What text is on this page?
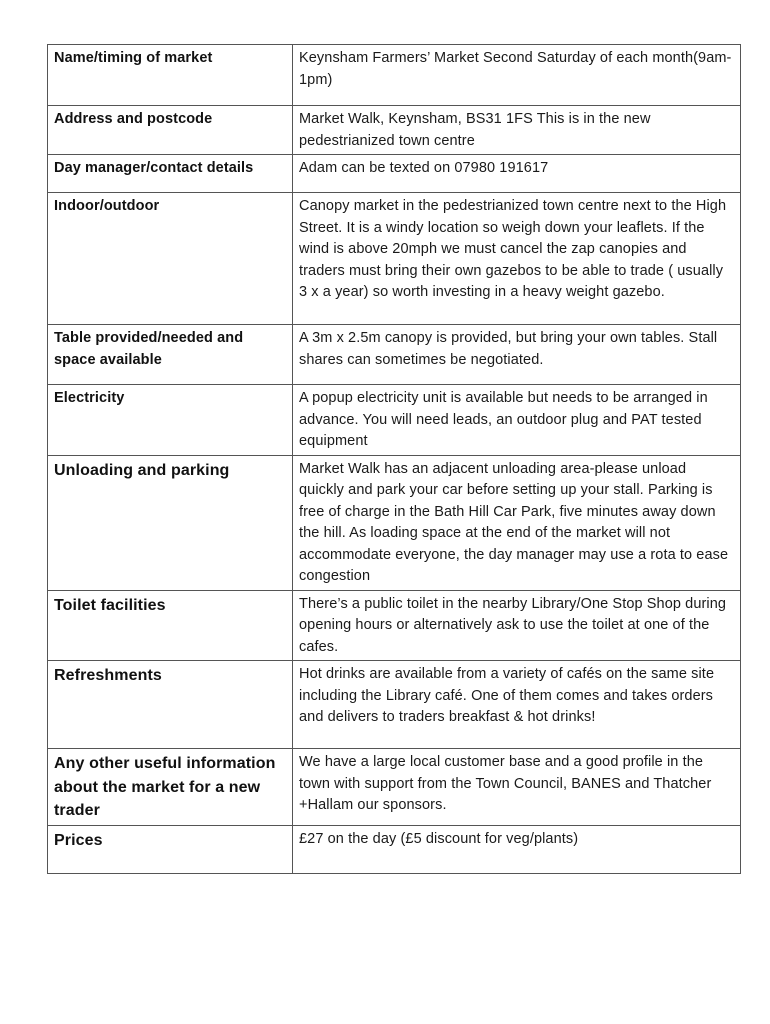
Name/timing of market	Keynsham Farmers’ Market Second Saturday of each month(9am-1pm)
Address and postcode	Market Walk, Keynsham, BS31 1FS This is in the new pedestrianized town centre
Day manager/contact details	Adam can be texted on 07980 191617
Indoor/outdoor	Canopy market in the pedestrianized town centre next to the High Street. It is a windy location so weigh down your leaflets. If the wind is above 20mph we must cancel the zap canopies and traders must bring their own gazebos to be able to trade ( usually 3 x a year) so worth investing in a heavy weight gazebo.
Table provided/needed and space available	A 3m x 2.5m canopy is provided, but bring your own tables. Stall shares can sometimes be negotiated.
Electricity	A popup electricity unit is available but needs to be arranged in advance. You will need leads, an outdoor plug and PAT tested equipment
Unloading and parking	Market Walk has an adjacent unloading area-please unload quickly and park your car before setting up your stall. Parking is free of charge in the Bath Hill Car Park, five minutes away down the hill. As loading space at the end of the market will not accommodate everyone, the day manager may use a rota to ease congestion
Toilet facilities	There’s a public toilet in the nearby Library/One Stop Shop during opening hours or alternatively ask to use the toilet at one of the cafes.
Refreshments	Hot drinks are available from a variety of cafés on the same site including the Library café. One of them comes and takes orders and delivers to traders breakfast & hot drinks!
Any other useful information about the market for a new trader	We have a large local customer base and a good profile in the town with support from the Town Council, BANES and Thatcher +Hallam our sponsors.
Prices	£27 on the day (£5 discount for veg/plants)
